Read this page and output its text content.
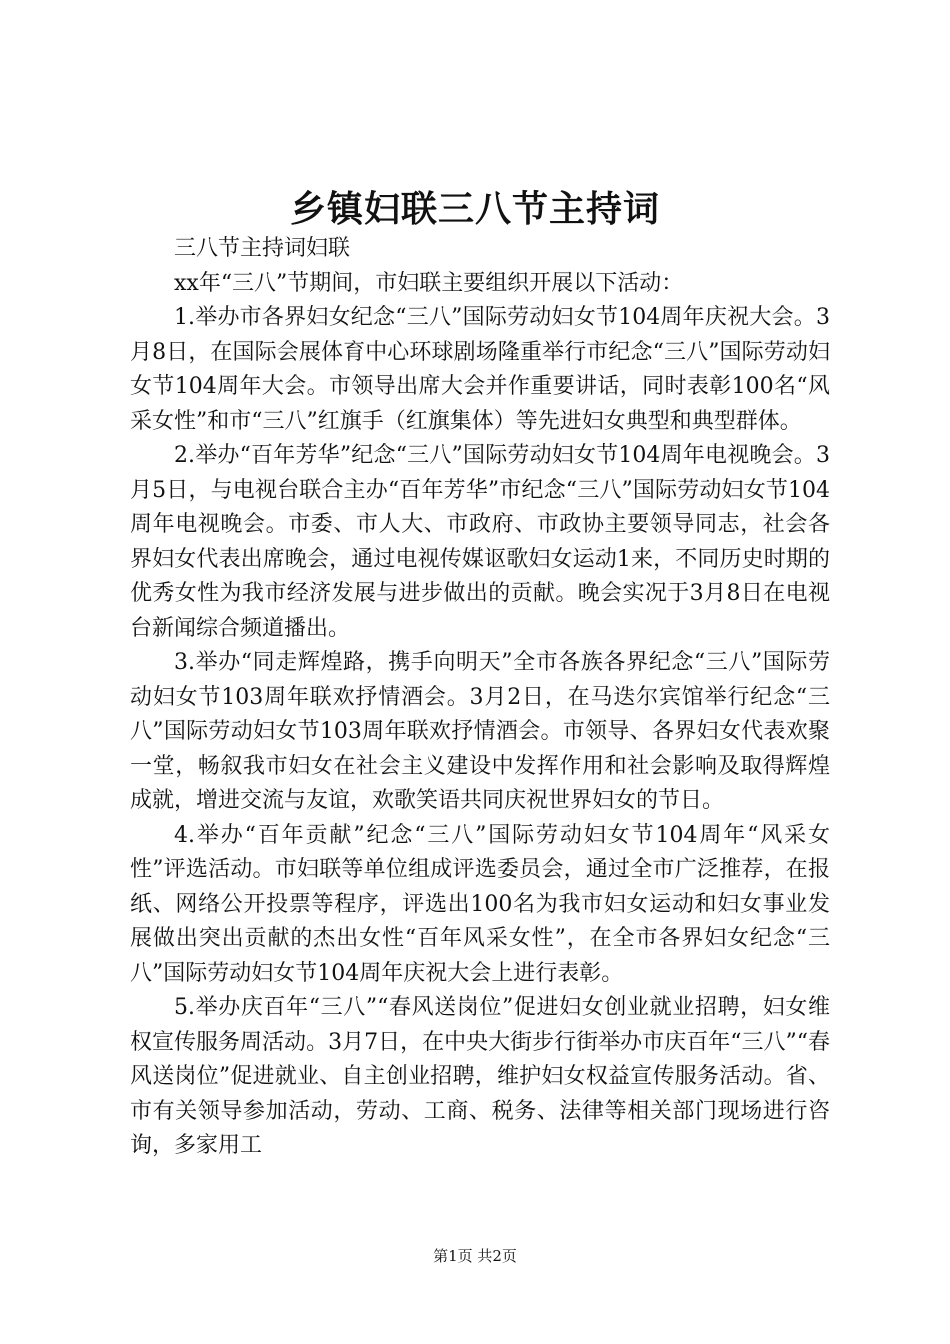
乡镇妇联三八节主持词

三八节主持词妇联

xx年“三八”节期间，市妇联主要组织开展以下活动：

1.举办市各界妇女纪念“三八”国际劳动妇女节104周年庆祝大会。3月8日，在国际会展体育中心环球剧场隆重举行市纪念“三八”国际劳动妇女节104周年大会。市领导出席大会并作重要讲话，同时表彰100名“风采女性”和市“三八”红旗手（红旗集体）等先进妇女典型和典型群体。

2.举办“百年芳华”纪念“三八”国际劳动妇女节104周年电视晚会。3月5日，与电视台联合主办“百年芳华”市纪念“三八”国际劳动妇女节104周年电视晚会。市委、市人大、市政府、市政协主要领导同志，社会各界妇女代表出席晚会，通过电视传媒讴歌妇女运动1来，不同历史时期的优秀女性为我市经济发展与进步做出的贡献。晚会实况于3月8日在电视台新闻综合频道播出。

3.举办“同走辉煌路，携手向明天”全市各族各界纪念“三八”国际劳动妇女节103周年联欢抒情酒会。3月2日，在马迭尔宾馆举行纪念“三八”国际劳动妇女节103周年联欢抒情酒会。市领导、各界妇女代表欢聚一堂，畅叙我市妇女在社会主义建设中发挥作用和社会影响及取得辉煌成就，增进交流与友谊，欢歌笑语共同庆祝世界妇女的节日。

4.举办“百年贡献”纪念“三八”国际劳动妇女节104周年“风采女性”评选活动。市妇联等单位组成评选委员会，通过全市广泛推荐，在报纸、网络公开投票等程序，评选出100名为我市妇女运动和妇女事业发展做出突出贡献的杰出女性“百年风采女性”，在全市各界妇女纪念“三八”国际劳动妇女节104周年庆祝大会上进行表彰。

5.举办庆百年“三八”“春风送岗位”促进妇女创业就业招聘，妇女维权宣传服务周活动。3月7日，在中央大街步行街举办市庆百年“三八”“春风送岗位”促进就业、自主创业招聘，维护妇女权益宣传服务活动。省、市有关领导参加活动，劳动、工商、税务、法律等相关部门现场进行咨询，多家用工

第1页 共2页
